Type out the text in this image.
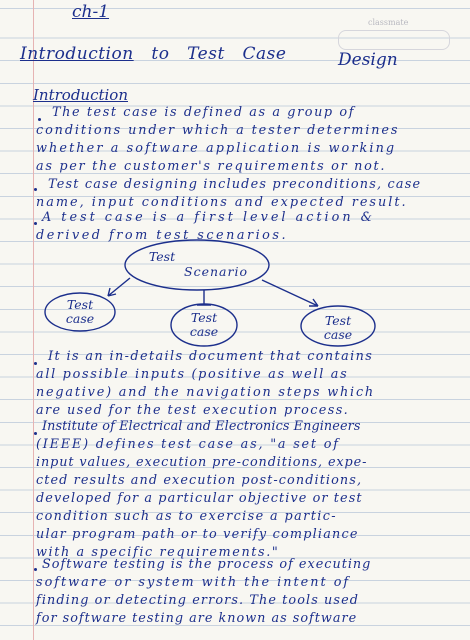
classmate
ch-1
Introduction   to   Test   Case	Design
Introduction
The test case is defined as a group of
conditions under which a tester determines
whether a software application is working
as per the customer's requirements or not.
Test case designing includes preconditions, case
name, input conditions and expected result.
A test case is a first level action &
derived from test scenarios.
Test
Scenario
Test
case	Test
case
Test
case
It is an in-details document that contains
all possible inputs (positive as well as
negative) and the navigation steps which
are used for the test execution process.
Institute of Electrical and Electronics Engineers
(IEEE) defines test case as, "a set of
input values, execution pre-conditions, expe-
cted results and execution post-conditions,
developed for a particular objective or test
condition such as to exercise a partic-
ular program path or to verify compliance
with a specific requirements."
Software testing is the process of executing
software or system with the intent of
finding or detecting errors. The tools used
for software testing are known as software
